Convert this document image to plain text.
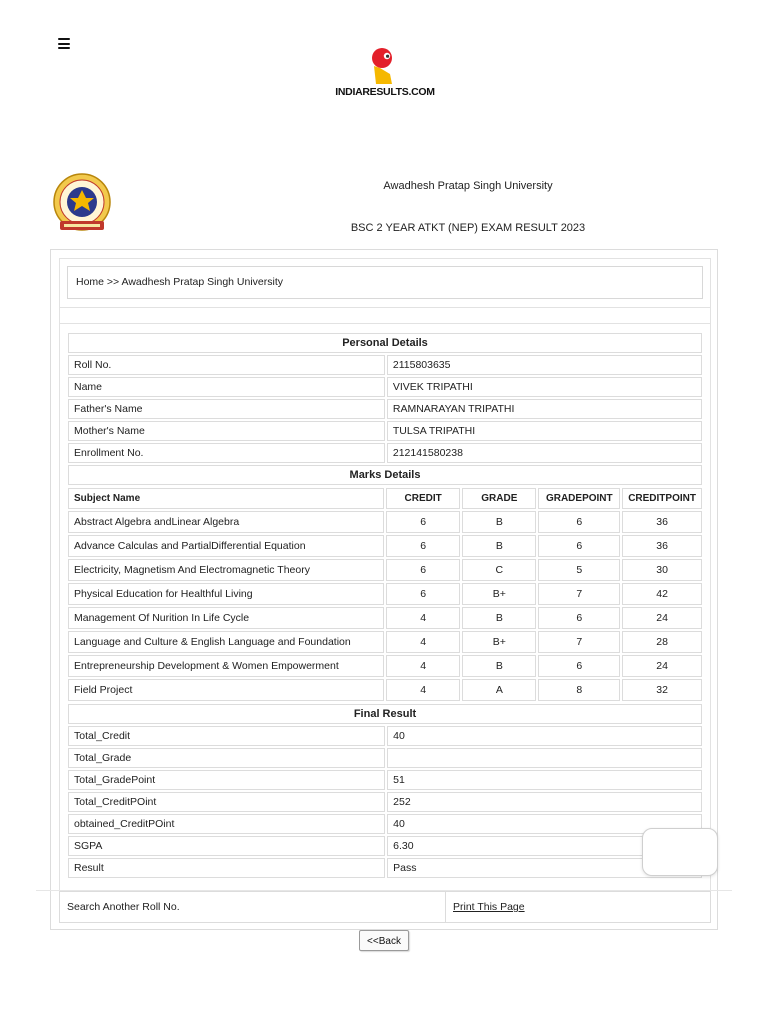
INDIARESULTS.COM
Awadhesh Pratap Singh University
BSC 2 YEAR ATKT (NEP) EXAM RESULT 2023
Home >> Awadhesh Pratap Singh University
Personal Details	
Roll No.	2115803635
Name	VIVEK TRIPATHI
Father's Name	RAMNARAYAN TRIPATHI
Mother's Name	TULSA TRIPATHI
Enrollment No.	212141580238
Marks Details	
Subject Name	CREDIT	GRADE	GRADEPOINT	CREDITPOINT
Abstract Algebra andLinear Algebra	6	B	6	36
Advance Calculas and PartialDifferential Equation	6	B	6	36
Electricity, Magnetism And Electromagnetic Theory	6	C	5	30
Physical Education for Healthful Living	6	B+	7	42
Management Of Nurition In Life Cycle	4	B	6	24
Language and Culture & English Language and Foundation	4	B+	7	28
Entrepreneurship Development & Women Empowerment	4	B	6	24
Field Project	4	A	8	32
Final Result	
Total_Credit	40
Total_Grade	
Total_GradePoint	51
Total_CreditPOint	252
obtained_CreditPOint	40
SGPA	6.30
Result	Pass
Search Another Roll No.	Print This Page
<<Back
